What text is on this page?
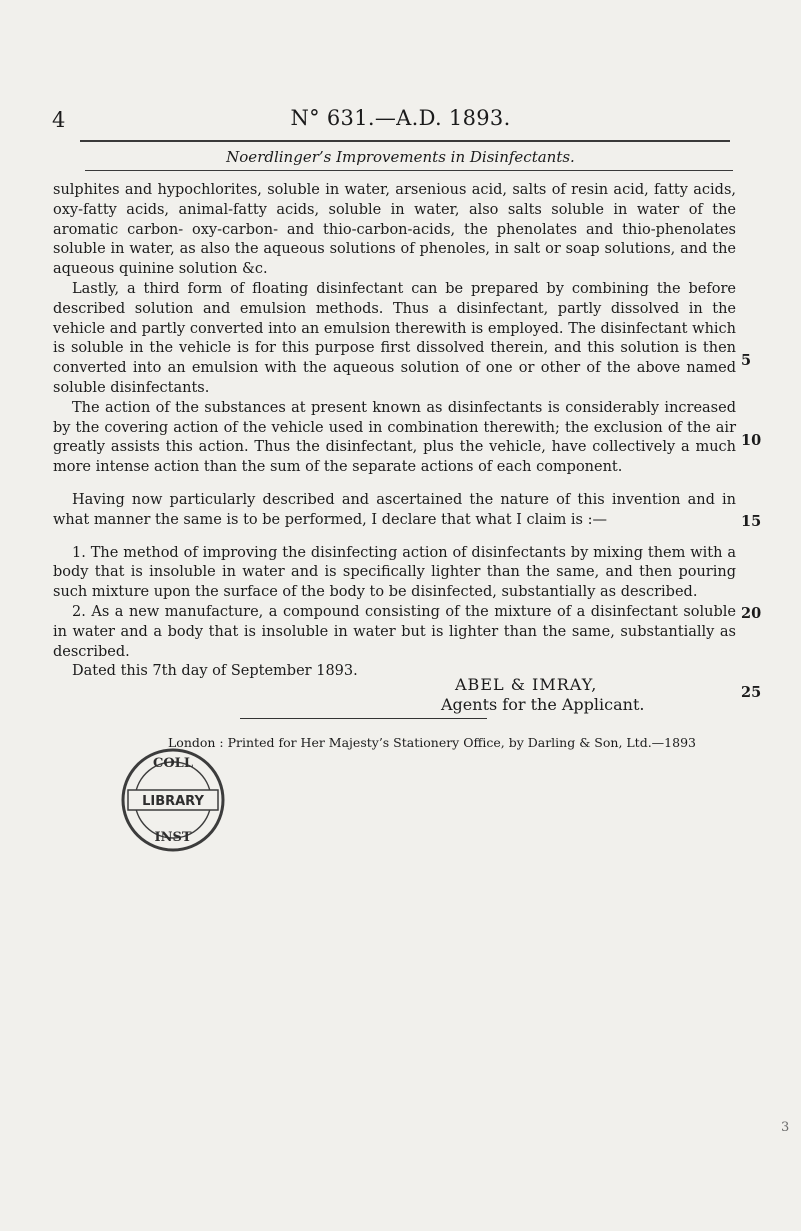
4	N° 631.—A.D. 1893.
Noerdlinger’s Improvements in Disinfectants.

sulphites and hypochlorites, soluble in water, arsenious acid, salts of resin acid, fatty acids, oxy-fatty acids, animal-fatty acids, soluble in water, also salts soluble in water of the aromatic carbon- oxy-carbon- and thio-carbon-acids, the phenolates and thio-phenolates soluble in water, as also the aqueous solutions of phenoles, in salt or soap solutions, and the aqueous quinine solution &c.

Lastly, a third form of floating disinfectant can be prepared by combining the before described solution and emulsion methods. Thus a disinfectant, partly dissolved in the vehicle and partly converted into an emulsion therewith is employed. The disinfectant which is soluble in the vehicle is for this purpose first dissolved therein, and this solution is then converted into an emulsion with the aqueous solution of one or other of the above named soluble disinfectants.

The action of the substances at present known as disinfectants is considerably increased by the covering action of the vehicle used in combination therewith; the exclusion of the air greatly assists this action. Thus the disinfectant, plus the vehicle, have collectively a much more intense action than the sum of the separate actions of each component.

Having now particularly described and ascertained the nature of this invention and in what manner the same is to be performed, I declare that what I claim is :—

1. The method of improving the disinfecting action of disinfectants by mixing them with a body that is insoluble in water and is specifically lighter than the same, and then pouring such mixture upon the surface of the body to be disinfected, substantially as described.

2. As a new manufacture, a compound consisting of the mixture of a disinfectant soluble in water and a body that is insoluble in water but is lighter than the same, substantially as described.

Dated this 7th day of September 1893.

5
10
15
20
25
ABEL & IMRAY,
Agents for the Applicant.
London : Printed for Her Majesty’s Stationery Office, by Darling & Son, Ltd.—1893
COLL
LIBRARY
INST
3
